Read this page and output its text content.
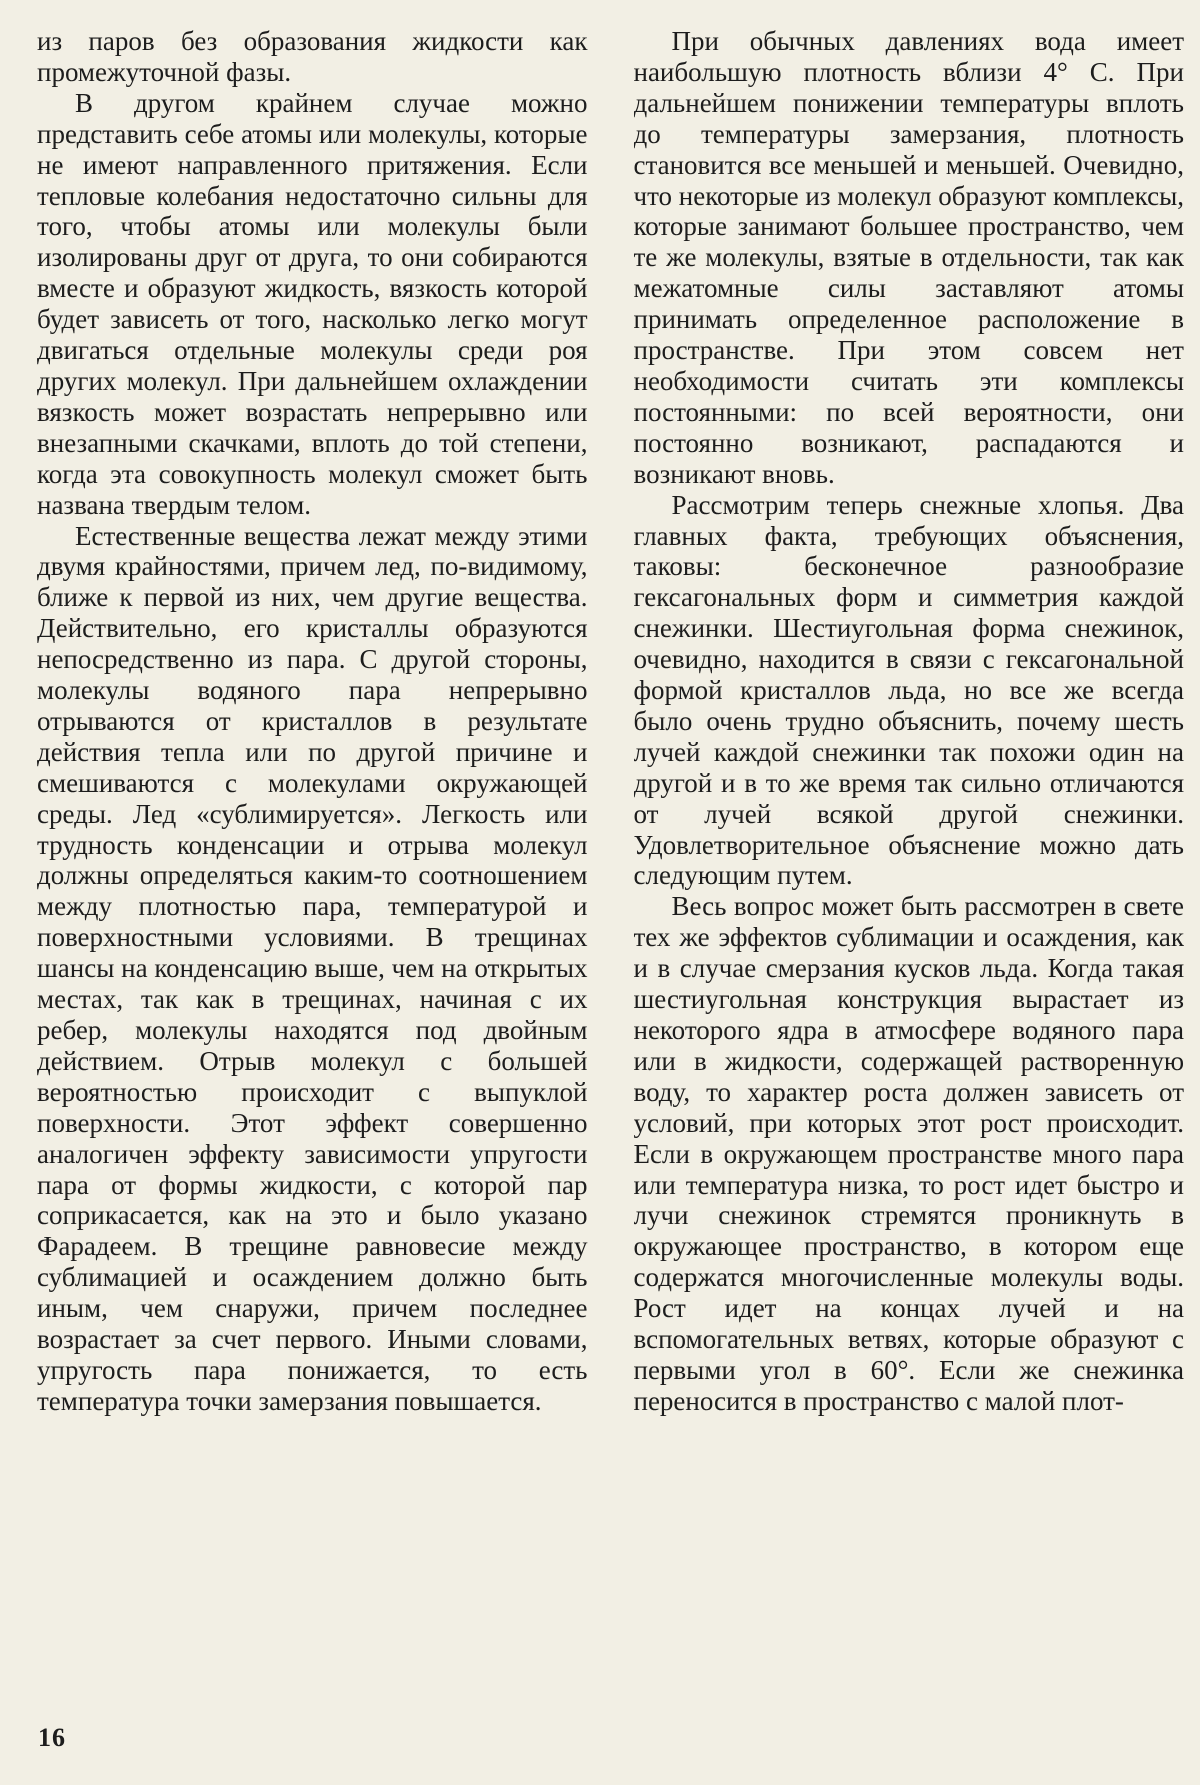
из паров без образования жидкости как промежуточной фазы.

В другом крайнем случае можно представить себе атомы или молекулы, которые не имеют направленного притяжения. Если тепловые колебания недостаточно сильны для того, чтобы атомы или молекулы были изолированы друг от друга, то они собираются вместе и образуют жидкость, вязкость которой будет зависеть от того, насколько легко могут двигаться отдельные молекулы среди роя других молекул. При дальнейшем охлаждении вязкость может возрастать непрерывно или внезапными скачками, вплоть до той степени, когда эта совокупность молекул сможет быть названа твердым телом.

Естественные вещества лежат между этими двумя крайностями, причем лед, по-видимому, ближе к первой из них, чем другие вещества. Действительно, его кристаллы образуются непосредственно из пара. С другой стороны, молекулы водяного пара непрерывно отрываются от кристаллов в результате действия тепла или по другой причине и смешиваются с молекулами окружающей среды. Лед «сублимируется». Легкость или трудность конденсации и отрыва молекул должны определяться каким-то соотношением между плотностью пара, температурой и поверхностными условиями. В трещинах шансы на конденсацию выше, чем на открытых местах, так как в трещинах, начиная с их ребер, молекулы находятся под двойным действием. Отрыв молекул с большей вероятностью происходит с выпуклой поверхности. Этот эффект совершенно аналогичен эффекту зависимости упругости пара от формы жидкости, с которой пар соприкасается, как на это и было указано Фарадеем. В трещине равновесие между сублимацией и осаждением должно быть иным, чем снаружи, причем последнее возрастает за счет первого. Иными словами, упругость пара понижается, то есть температура точки замерзания повышается.

При обычных давлениях вода имеет наибольшую плотность вблизи 4° С. При дальнейшем понижении температуры вплоть до температуры замерзания, плотность становится все меньшей и меньшей. Очевидно, что некоторые из молекул образуют комплексы, которые занимают большее пространство, чем те же молекулы, взятые в отдельности, так как межатомные силы заставляют атомы принимать определенное расположение в пространстве. При этом совсем нет необходимости считать эти комплексы постоянными: по всей вероятности, они постоянно возникают, распадаются и возникают вновь.

Рассмотрим теперь снежные хлопья. Два главных факта, требующих объяснения, таковы: бесконечное разнообразие гексагональных форм и симметрия каждой снежинки. Шестиугольная форма снежинок, очевидно, находится в связи с гексагональной формой кристаллов льда, но все же всегда было очень трудно объяснить, почему шесть лучей каждой снежинки так похожи один на другой и в то же время так сильно отличаются от лучей всякой другой снежинки. Удовлетворительное объяснение можно дать следующим путем.

Весь вопрос может быть рассмотрен в свете тех же эффектов сублимации и осаждения, как и в случае смерзания кусков льда. Когда такая шестиугольная конструкция вырастает из некоторого ядра в атмосфере водяного пара или в жидкости, содержащей растворенную воду, то характер роста должен зависеть от условий, при которых этот рост происходит. Если в окружающем пространстве много пара или температура низка, то рост идет быстро и лучи снежинок стремятся проникнуть в окружающее пространство, в котором еще содержатся многочисленные молекулы воды. Рост идет на концах лучей и на вспомогательных ветвях, которые образуют с первыми угол в 60°. Если же снежинка переносится в пространство с малой плот-

16
